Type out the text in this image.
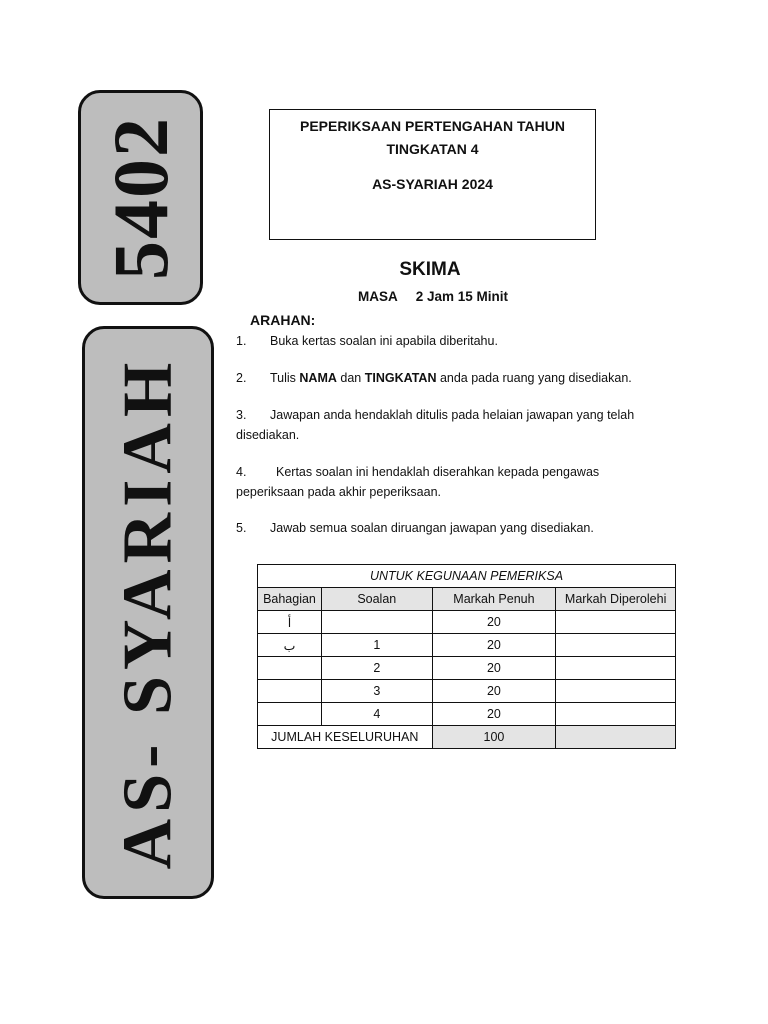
5402
AS- SYARIAH
PEPERIKSAAN PERTENGAHAN TAHUN
TINGKATAN 4
AS-SYARIAH 2024
SKIMA
MASA 2 Jam 15 Minit
ARAHAN:
1. Buka kertas soalan ini apabila diberitahu.
2. Tulis NAMA dan TINGKATAN anda pada ruang yang disediakan.
3. Jawapan anda hendaklah ditulis pada helaian jawapan yang telah disediakan.
4. Kertas soalan ini hendaklah diserahkan kepada pengawas peperiksaan pada akhir peperiksaan.
5. Jawab semua soalan diruangan jawapan yang disediakan.
UNTUK KEGUNAAN PEMERIKSA			
Bahagian	Soalan	Markah Penuh	Markah Diperolehi
أ		20	
ب	1	20	
	2	20	
	3	20	
	4	20	
JUMLAH KESELURUHAN		100	
